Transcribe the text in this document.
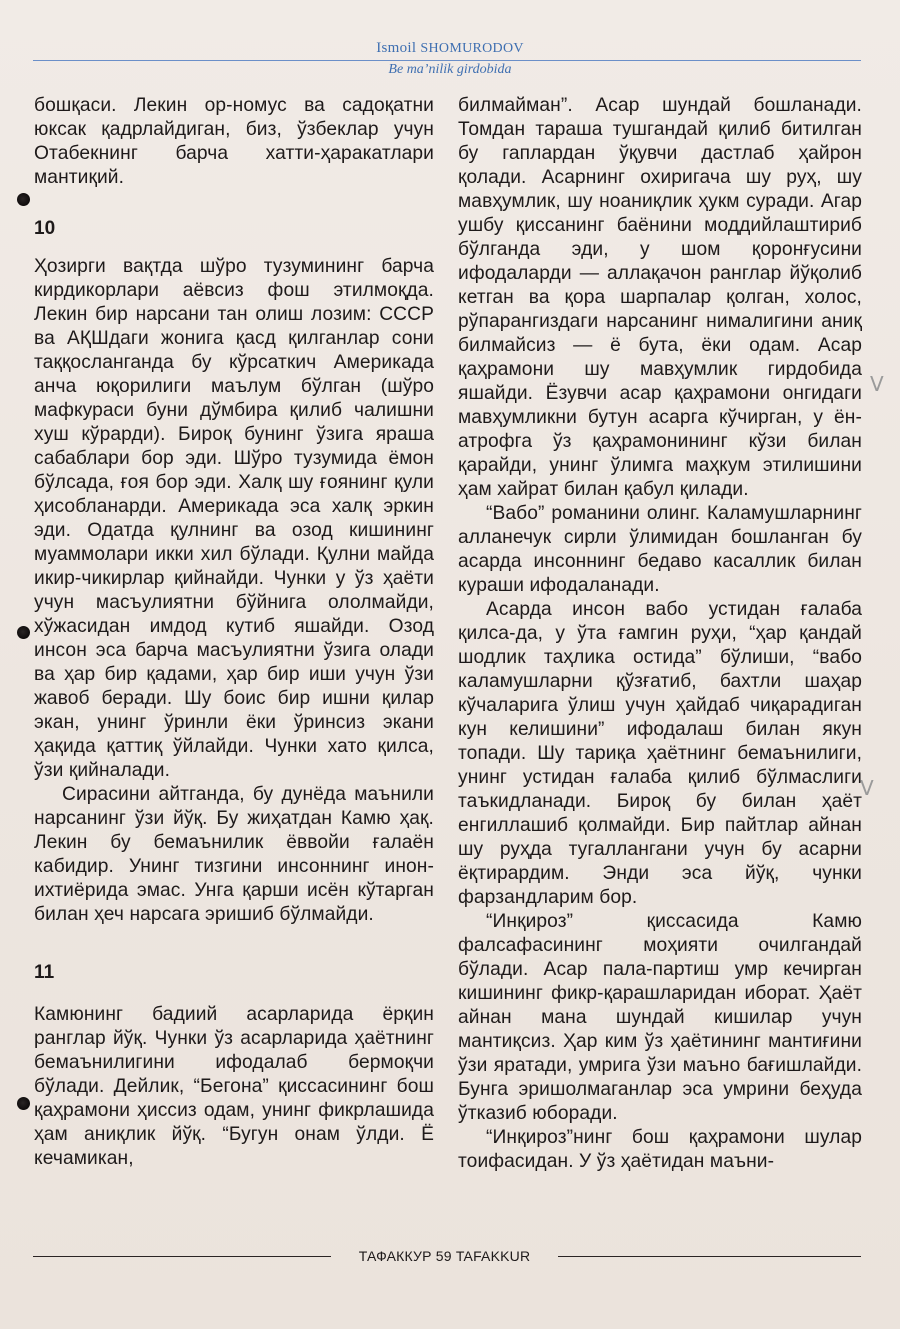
Ismoil SHOMURODOV
Be ma’nilik girdobida

бошқаси. Лекин ор-номус ва садоқатни юксак қадрлайдиган, биз, ўзбеклар учун Отабекнинг барча хатти-ҳаракатлари мантиқий.

10

Ҳозирги вақтда шўро тузумининг барча кирдикорлари аёвсиз фош этилмоқда. Лекин бир нарсани тан олиш лозим: СССР ва АҚШдаги жонига қасд қилганлар сони таққосланганда бу кўрсаткич Америкада анча юқорилиги маълум бўлган (шўро мафкураси буни дўмбира қилиб чалишни хуш кўрарди). Бироқ бунинг ўзига яраша сабаблари бор эди. Шўро тузумида ёмон бўлсада, ғоя бор эди. Халқ шу ғоянинг қули ҳисобланарди. Америкада эса халқ эркин эди. Одатда қулнинг ва озод кишининг муаммолари икки хил бўлади. Қулни майда икир-чикирлар қийнайди. Чунки у ўз ҳаёти учун масъулиятни бўйнига ололмайди, хўжасидан имдод кутиб яшайди. Озод инсон эса барча масъулиятни ўзига олади ва ҳар бир қадами, ҳар бир иши учун ўзи жавоб беради. Шу боис бир ишни қилар экан, унинг ўринли ёки ўринсиз экани ҳақида қаттиқ ўйлайди. Чунки хато қилса, ўзи қийналади.

Сирасини айтганда, бу дунёда маънили нарсанинг ўзи йўқ. Бу жиҳатдан Камю ҳақ. Лекин бу бемаънилик ёввойи ғалаён кабидир. Унинг тизгини инсоннинг инон-ихтиёрида эмас. Унга қарши исён кўтарган билан ҳеч нарсага эришиб бўлмайди.

11

Камюнинг бадиий асарларида ёрқин ранглар йўқ. Чунки ўз асарларида ҳаётнинг бемаънилигини ифодалаб бермоқчи бўлади. Дейлик, “Бегона” қиссасининг бош қаҳрамони ҳиссиз одам, унинг фикрлашида ҳам аниқлик йўқ. “Бугун онам ўлди. Ё кечамикан,

билмайман”. Асар шундай бошланади. Томдан тараша тушгандай қилиб битилган бу гаплардан ўқувчи дастлаб ҳайрон қолади. Асарнинг охиригача шу руҳ, шу мавҳумлик, шу ноаниқлик ҳукм суради. Агар ушбу қиссанинг баёнини моддийлаштириб бўлганда эди, у шом қоронғусини ифодаларди — аллақачон ранглар йўқолиб кетган ва қора шарпалар қолган, холос, рўпарангиздаги нарсанинг нималигини аниқ билмайсиз — ё бута, ёки одам. Асар қаҳрамони шу мавҳумлик гирдобида яшайди. Ёзувчи асар қаҳрамони онгидаги мавҳумликни бутун асарга кўчирган, у ён-атрофга ўз қаҳрамонининг кўзи билан қарайди, унинг ўлимга маҳкум этилишини ҳам хайрат билан қабул қилади.

“Вабо” романини олинг. Каламушларнинг алланечук сирли ўлимидан бошланган бу асарда инсоннинг бедаво касаллик билан кураши ифодаланади.

Асарда инсон вабо устидан ғалаба қилса-да, у ўта ғамгин руҳи, “ҳар қандай шодлик таҳлика остида” бўлиши, “вабо каламушларни қўзғатиб, бахтли шаҳар кўчаларига ўлиш учун ҳайдаб чиқарадиган кун келишини” ифодалаш билан якун топади. Шу тариқа ҳаётнинг бемаънилиги, унинг устидан ғалаба қилиб бўлмаслиги таъкидланади. Бироқ бу билан ҳаёт енгиллашиб қолмайди. Бир пайтлар айнан шу руҳда тугаллангани учун бу асарни ёқтирардим. Энди эса йўқ, чунки фарзандларим бор.

“Инқироз” қиссасида Камю фалсафасининг моҳияти очилгандай бўлади. Асар пала-партиш умр кечирган кишининг фикр-қарашларидан иборат. Ҳаёт айнан мана шундай кишилар учун мантиқсиз. Ҳар ким ўз ҳаётининг мантиғини ўзи яратади, умрига ўзи маъно бағишлайди. Бунга эришолмаганлар эса умрини беҳуда ўтказиб юборади.

“Инқироз”нинг бош қаҳрамони шулар тоифасидан. У ўз ҳаётидан маъни-

ТАФАККУР 59 TAFAKKUR
V
V
